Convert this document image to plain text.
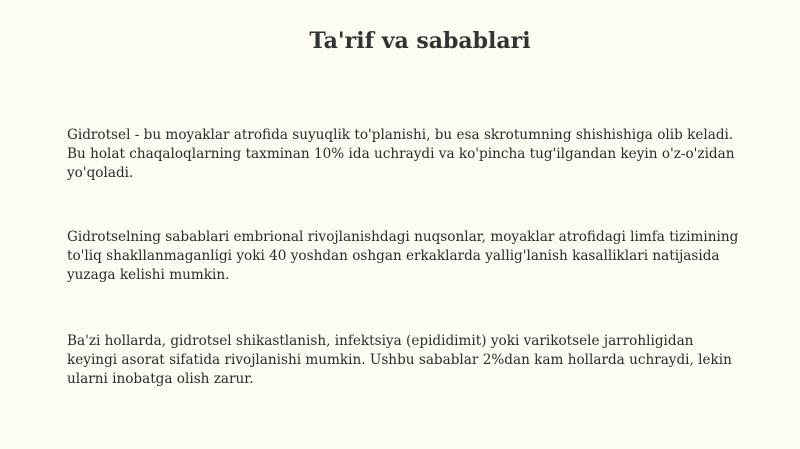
Ta'rif va sabablari

Gidrotsel - bu moyaklar atrofida suyuqlik to'planishi, bu esa skrotumning shishishiga olib keladi. Bu holat chaqaloqlarning taxminan 10% ida uchraydi va ko'pincha tug'ilgandan keyin o'z-o'zidan yo'qoladi.

Gidrotselning sabablari embrional rivojlanishdagi nuqsonlar, moyaklar atrofidagi limfa tizimining to'liq shakllanmaganligi yoki 40 yoshdan oshgan erkaklarda yallig'lanish kasalliklari natijasida yuzaga kelishi mumkin.

Ba'zi hollarda, gidrotsel shikastlanish, infektsiya (epididimit) yoki varikotsele jarrohligidan keyingi asorat sifatida rivojlanishi mumkin. Ushbu sabablar 2%dan kam hollarda uchraydi, lekin ularni inobatga olish zarur.
